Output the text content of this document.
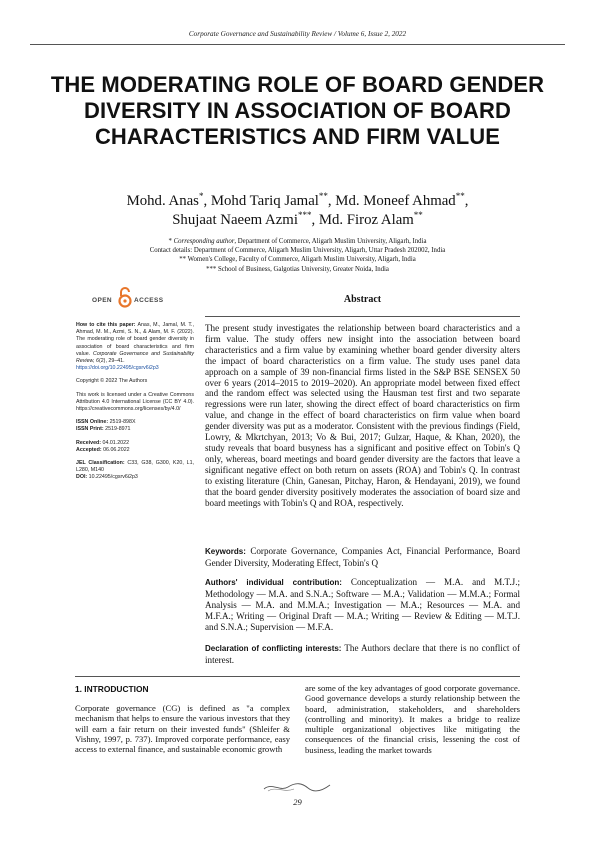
Corporate Governance and Sustainability Review / Volume 6, Issue 2, 2022
THE MODERATING ROLE OF BOARD GENDER DIVERSITY IN ASSOCIATION OF BOARD CHARACTERISTICS AND FIRM VALUE
Mohd. Anas*, Mohd Tariq Jamal**, Md. Moneef Ahmad**,
Shujaat Naeem Azmi***, Md. Firoz Alam**
* Corresponding author, Department of Commerce, Aligarh Muslim University, Aligarh, India
Contact details: Department of Commerce, Aligarh Muslim University, Aligarh, Uttar Pradesh 202002, India
** Women's College, Faculty of Commerce, Aligarh Muslim University, Aligarh, India
*** School of Business, Galgotias University, Greater Noida, India
OPEN	ACCESS	Abstract

How to cite this paper: Anas, M., Jamal, M. T., Ahmad, M. M., Azmi, S. N., & Alam, M. F. (2022). The moderating role of board gender diversity in association of board characteristics and firm value. Corporate Governance and Sustainability Review, 6(2), 29–41.
https://doi.org/10.22495/cgsrv6i2p3

Copyright © 2022 The Authors

This work is licensed under a Creative Commons Attribution 4.0 International License (CC BY 4.0). https://creativecommons.org/licenses/by/4.0/

ISSN Online: 2519-898X
ISSN Print: 2519-8971

Received: 04.01.2022
Accepted: 06.06.2022

JEL Classification: C33, G38, G300, K20, L1, L280, M140
DOI: 10.22495/cgsrv6i2p3

The present study investigates the relationship between board characteristics and a firm value. The study offers new insight into the association between board characteristics and a firm value by examining whether board gender diversity alters the impact of board characteristics on a firm value. The study uses panel data approach on a sample of 39 non-financial firms listed in the S&P BSE SENSEX 50 over 6 years (2014–2015 to 2019–2020). An appropriate model between fixed effect and the random effect was selected using the Hausman test first and two separate regressions were run later, showing the direct effect of board characteristics on firm value, and change in the effect of board characteristics on firm value when board gender diversity was put as a moderator. Consistent with the previous findings (Field, Lowry, & Mkrtchyan, 2013; Vo & Bui, 2017; Gulzar, Haque, & Khan, 2020), the study reveals that board busyness has a significant and positive effect on Tobin's Q only, whereas, board meetings and board gender diversity are the factors that leave a significant negative effect on both return on assets (ROA) and Tobin's Q. In contrast to existing literature (Chin, Ganesan, Pitchay, Haron, & Hendayani, 2019), we found that the board gender diversity positively moderates the association of board size and board meetings with Tobin's Q and ROA, respectively.
Keywords: Corporate Governance, Companies Act, Financial Performance, Board Gender Diversity, Moderating Effect, Tobin's Q
Authors' individual contribution: Conceptualization — M.A. and M.T.J.; Methodology — M.A. and S.N.A.; Software — M.A.; Validation — M.M.A.; Formal Analysis — M.A. and M.M.A.; Investigation — M.A.; Resources — M.A. and M.F.A.; Writing — Original Draft — M.A.; Writing — Review & Editing — M.T.J. and S.N.A.; Supervision — M.F.A.
Declaration of conflicting interests: The Authors declare that there is no conflict of interest.
1. INTRODUCTION
Corporate governance (CG) is defined as "a complex mechanism that helps to ensure the various investors that they will earn a fair return on their invested funds" (Shleifer & Vishny, 1997, p. 737). Improved corporate performance, easy access to external finance, and sustainable economic growth
are some of the key advantages of good corporate governance. Good governance develops a sturdy relationship between the board, administration, stakeholders, and shareholders (controlling and minority). It makes a bridge to realize multiple organizational objectives like mitigating the consequences of the financial crisis, lessening the cost of business, leading the market towards
29
